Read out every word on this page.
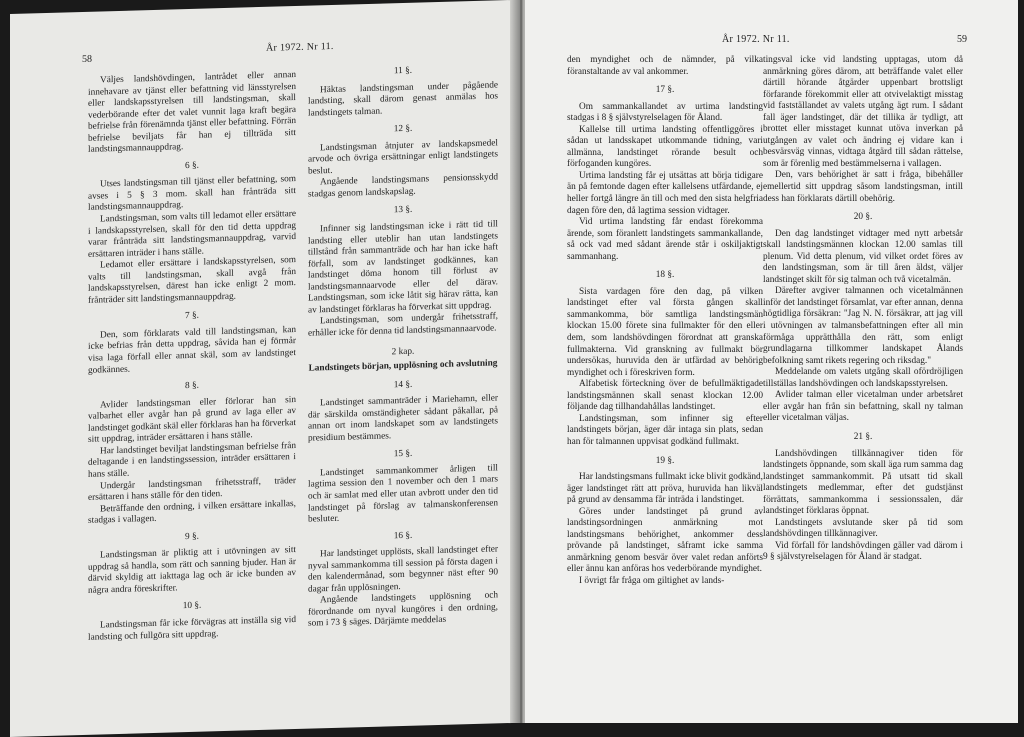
58
År 1972. Nr 11.

Väljes landshövdingen, lantrådet eller annan innehavare av tjänst eller befattning vid länsstyrelsen eller landskapsstyrelsen till landstingsman, skall vederbörande efter det valet vunnit laga kraft begära befrielse från förenämnda tjänst eller befattning. Förrän befrielse beviljats får han ej tillträda sitt landstingsmannauppdrag.

6 §.

Utses landstingsman till tjänst eller befattning, som avses i 5 § 3 mom. skall han frånträda sitt landstingsmannauppdrag.

Landstingsman, som valts till ledamot eller ersättare i landskapsstyrelsen, skall för den tid detta uppdrag varar frånträda sitt landstingsmannauppdrag, varvid ersättaren inträder i hans ställe.

Ledamot eller ersättare i landskapsstyrelsen, som valts till landstingsman, skall avgå från landskapsstyrelsen, därest han icke enligt 2 mom. frånträder sitt landstingsmannauppdrag.

7 §.

Den, som förklarats vald till landstingsman, kan icke befrias från detta uppdrag, såvida han ej förmår visa laga förfall eller annat skäl, som av landstinget godkännes.

8 §.

Avlider landstingsman eller förlorar han sin valbarhet eller avgår han på grund av laga eller av landstinget godkänt skäl eller förklaras han ha förverkat sitt uppdrag, inträder ersättaren i hans ställe.

Har landstinget beviljat landstingsman befrielse från deltagande i en landstingssession, inträder ersättaren i hans ställe.

Undergår landstingsman frihetsstraff, träder ersättaren i hans ställe för den tiden.

Beträffande den ordning, i vilken ersättare inkallas, stadgas i vallagen.

9 §.

Landstingsman är pliktig att i utövningen av sitt uppdrag så handla, som rätt och sanning bjuder. Han är därvid skyldig att iakttaga lag och är icke bunden av några andra föreskrifter.

10 §.

Landstingsman får icke förvägras att inställa sig vid landsting och fullgöra sitt uppdrag.

11 §.

Häktas landstingsman under pågående landsting, skall därom genast anmälas hos landstingets talman.

12 §.

Landstingsman åtnjuter av landskapsmedel arvode och övriga ersättningar enligt landstingets beslut.

Angående landstingsmans pensionsskydd stadgas genom landskapslag.

13 §.

Infinner sig landstingsman icke i rätt tid till landsting eller uteblir han utan landstingets tillstånd från sammanträde och har han icke haft förfall, som av landstinget godkännes, kan landstinget döma honom till förlust av landstingsmannaarvode eller del därav. Landstingsman, som icke låtit sig härav rätta, kan av landstinget förklaras ha förverkat sitt uppdrag.

Landstingsman, som undergår frihetsstraff, erhåller icke för denna tid landstingsmannaarvode.

2 kap.
Landstingets början, upplösning och avslutning
14 §.

Landstinget sammanträder i Mariehamn, eller där särskilda omständigheter sådant påkallar, på annan ort inom landskapet som av landstingets presidium bestämmes.

15 §.

Landstinget sammankommer årligen till lagtima session den 1 november och den 1 mars och är samlat med eller utan avbrott under den tid landstinget på förslag av talmanskonferensen besluter.

16 §.

Har landstinget upplösts, skall landstinget efter nyval sammankomma till session på första dagen i den kalendermånad, som begynner näst efter 90 dagar från upplösningen.

Angående landstingets upplösning och förordnande om nyval kungöres i den ordning, som i 73 § säges. Därjämte meddelas

År 1972. Nr 11.	59

den myndighet och de nämnder, på vilka föranstaltande av val ankommer.

17 §.

Om sammankallandet av urtima landsting stadgas i 8 § självstyrelselagen för Åland.

Kallelse till urtima landsting offentliggöres i sådan ut landsskapet utkommande tidning, vari allmänna, landstinget rörande besult och förfoganden kungöres.

Urtima landsting får ej utsättas att börja tidigare än på femtonde dagen efter kallelsens utfärdande, ej heller fortgå längre än till och med den sista helgfria dagen före den, då lagtima session vidtager.

Vid urtima landsting får endast förekomma ärende, som föranlett landstingets sammankallande, så ock vad med sådant ärende står i oskiljaktigt sammanhang.

18 §.

Sista vardagen före den dag, på vilken landstinget efter val första gången skall sammankomma, bör samtliga landstingsmän klockan 15.00 förete sina fullmakter för den eller dem, som landshövdingen förordnat att granska fullmakterna. Vid granskning av fullmakt bör undersökas, huruvida den är utfärdad av behörig myndighet och i föreskriven form.

Alfabetisk förteckning över de befullmäktigade landstingsmännen skall senast klockan 12.00 följande dag tillhandahållas landstinget.

Landstingsman, som infinner sig efter landstingets början, äger där intaga sin plats, sedan han för talmannen uppvisat godkänd fullmakt.

19 §.

Har landstingsmans fullmakt icke blivit godkänd, äger landstinget rätt att pröva, huruvida han likväl på grund av densamma får inträda i landstinget.

Göres under landstinget på grund av landstingsordningen anmärkning mot landstingsmans behörighet, ankommer dess prövande på landstinget, såframt icke samma anmärkning genom besvär över valet redan anförts eller ännu kan anföras hos vederbörande myndighet.

I övrigt får fråga om giltighet av lands-

tingsval icke vid landsting upptagas, utom då anmärkning göres därom, att beträffande valet eller därtill hörande åtgärder uppenbart brottsligt förfarande förekommit eller att otvivelaktigt misstag vid fastställandet av valets utgång ägt rum. I sådant fall äger landstinget, där det tillika är tydligt, att brottet eller misstaget kunnat utöva inverkan på utgången av valet och ändring ej vidare kan i besvärsväg vinnas, vidtaga åtgärd till sådan rättelse, som är förenlig med bestämmelserna i vallagen.

Den, vars behörighet är satt i fråga, bibehåller emellertid sitt uppdrag såsom landstingsman, intill dess han förklarats därtill obehörig.

20 §.

Den dag landstinget vidtager med nytt arbetsår skall landstingsmännen klockan 12.00 samlas till plenum. Vid detta plenum, vid vilket ordet föres av den landstingsman, som är till åren äldst, väljer landstinget skilt för sig talman och två vicetalmän.

Därefter avgiver talmannen och vicetalmännen inför det landstinget församlat, var efter annan, denna högtidliga försäkran: "Jag N. N. försäkrar, att jag vill i utövningen av talmansbefattningen efter all min förmåga upprätthålla den rätt, som enligt grundlagarna tillkommer landskapet Ålands befolkning samt rikets regering och riksdag."

Meddelande om valets utgång skall ofördröjligen tillställas landshövdingen och landskapsstyrelsen.

Avlider talman eller vicetalman under arbetsåret eller avgår han från sin befattning, skall ny talman eller vicetalman väljas.

21 §.

Landshövdingen tillkännagiver tiden för landstingets öppnande, som skall äga rum samma dag landstinget sammankommit. På utsatt tid skall landstingets medlemmar, efter det gudstjänst förrättats, sammankomma i sessionssalen, där landstinget förklaras öppnat.

Landstingets avslutande sker på tid som landshövdingen tillkännagiver.

Vid förfall för landshövdingen gäller vad därom i 9 § självstyrelselagen för Åland är stadgat.
